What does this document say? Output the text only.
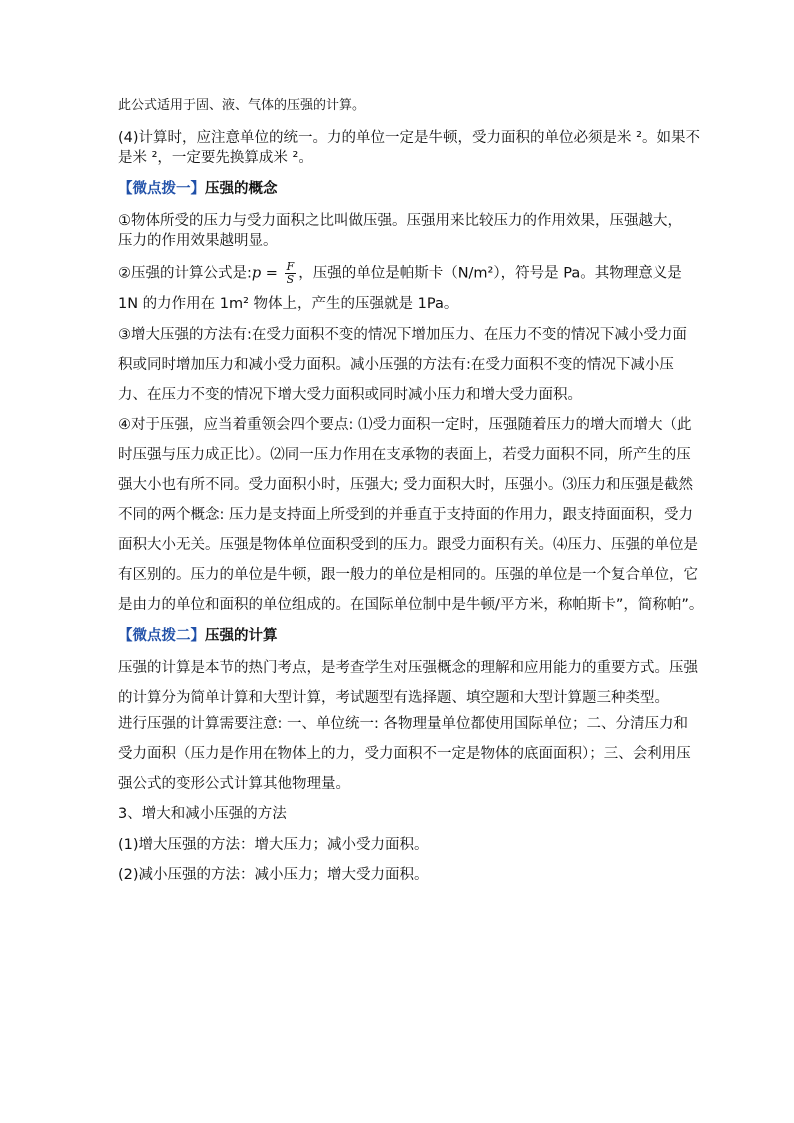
此公式适用于固、液、气体的压强的计算。

(4)计算时，应注意单位的统一。力的单位一定是牛顿，受力面积的单位必须是米 ²。如果不

是米 ²，一定要先换算成米 ²。

【微点拨一】压强的概念

①物体所受的压力与受力面积之比叫做压强。压强用来比较压力的作用效果，压强越大，

压力的作用效果越明显。

②压强的计算公式是:p = $\frac{F}{S}$ ，压强的单位是帕斯卡（N/m²），符号是 Pa。其物理意义是

1N 的力作用在 1m² 物体上，产生的压强就是 1Pa。

③增大压强的方法有:在受力面积不变的情况下增加压力、在压力不变的情况下减小受力面

积或同时增加压力和减小受力面积。减小压强的方法有:在受力面积不变的情况下减小压

力、在压力不变的情况下增大受力面积或同时减小压力和增大受力面积。

④对于压强，应当着重领会四个要点: ⑴受力面积一定时，压强随着压力的增大而增大（此

时压强与压力成正比）。⑵同一压力作用在支承物的表面上，若受力面积不同，所产生的压

强大小也有所不同。受力面积小时，压强大; 受力面积大时，压强小。⑶压力和压强是截然

不同的两个概念: 压力是支持面上所受到的并垂直于支持面的作用力，跟支持面面积，受力

面积大小无关。压强是物体单位面积受到的压力。跟受力面积有关。⑷压力、压强的单位是

有区别的。压力的单位是牛顿，跟一般力的单位是相同的。压强的单位是一个复合单位，它

是由力的单位和面积的单位组成的。在国际单位制中是牛顿/平方米，称帕斯卡”，简称帕”。

【微点拨二】压强的计算

压强的计算是本节的热门考点，是考查学生对压强概念的理解和应用能力的重要方式。压强

的计算分为简单计算和大型计算，考试题型有选择题、填空题和大型计算题三种类型。

进行压强的计算需要注意: 一、单位统一: 各物理量单位都使用国际单位；二、分清压力和

受力面积（压力是作用在物体上的力，受力面积不一定是物体的底面面积）；三、会利用压

强公式的变形公式计算其他物理量。

3、增大和减小压强的方法

(1)增大压强的方法：增大压力；减小受力面积。

(2)减小压强的方法：减小压力；增大受力面积。
